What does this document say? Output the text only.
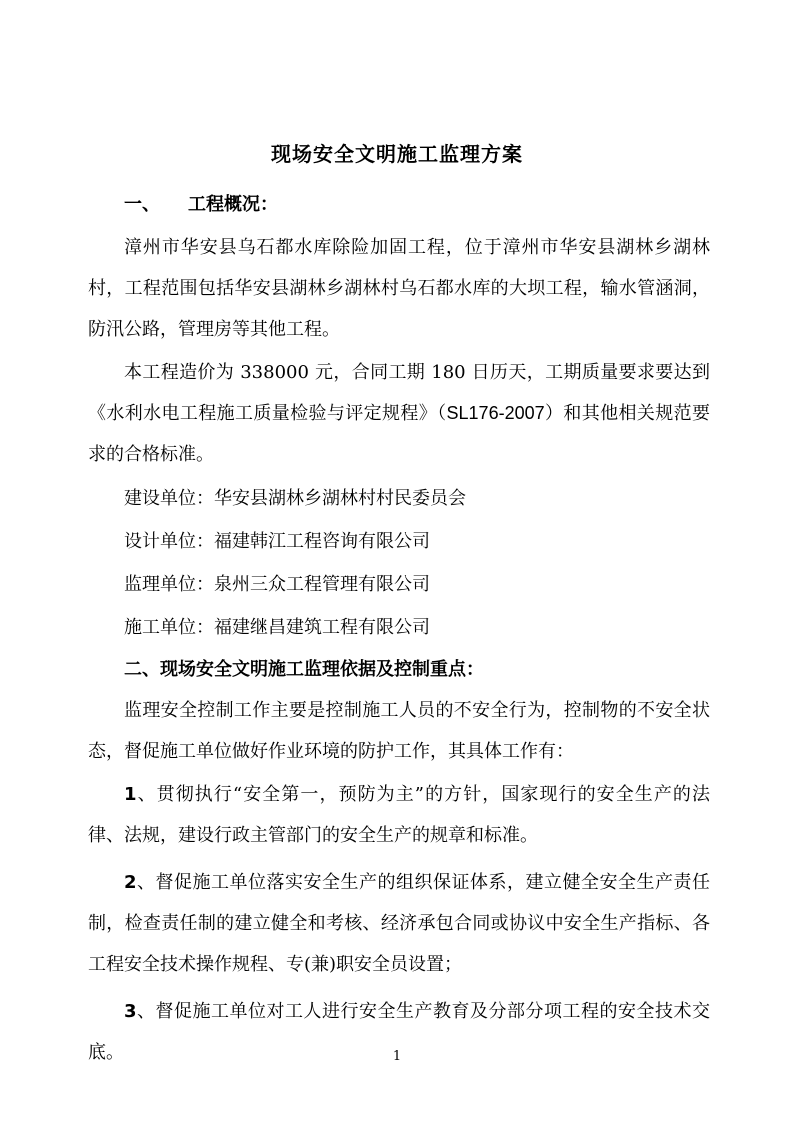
现场安全文明施工监理方案

一、 工程概况：

漳州市华安县乌石都水库除险加固工程，位于漳州市华安县湖林乡湖林村，工程范围包括华安县湖林乡湖林村乌石都水库的大坝工程，输水管涵洞，防汛公路，管理房等其他工程。

本工程造价为 338000 元，合同工期 180 日历天，工期质量要求要达到《水利水电工程施工质量检验与评定规程》（SL176-2007）和其他相关规范要求的合格标准。

建设单位：华安县湖林乡湖林村村民委员会

设计单位：福建韩江工程咨询有限公司

监理单位：泉州三众工程管理有限公司

施工单位：福建继昌建筑工程有限公司

二、现场安全文明施工监理依据及控制重点：

监理安全控制工作主要是控制施工人员的不安全行为，控制物的不安全状态，督促施工单位做好作业环境的防护工作，其具体工作有：

1、贯彻执行“安全第一，预防为主”的方针，国家现行的安全生产的法律、法规，建设行政主管部门的安全生产的规章和标准。

2、督促施工单位落实安全生产的组织保证体系，建立健全安全生产责任制，检查责任制的建立健全和考核、经济承包合同或协议中安全生产指标、各工程安全技术操作规程、专(兼)职安全员设置；

3、督促施工单位对工人进行安全生产教育及分部分项工程的安全技术交底。	1
